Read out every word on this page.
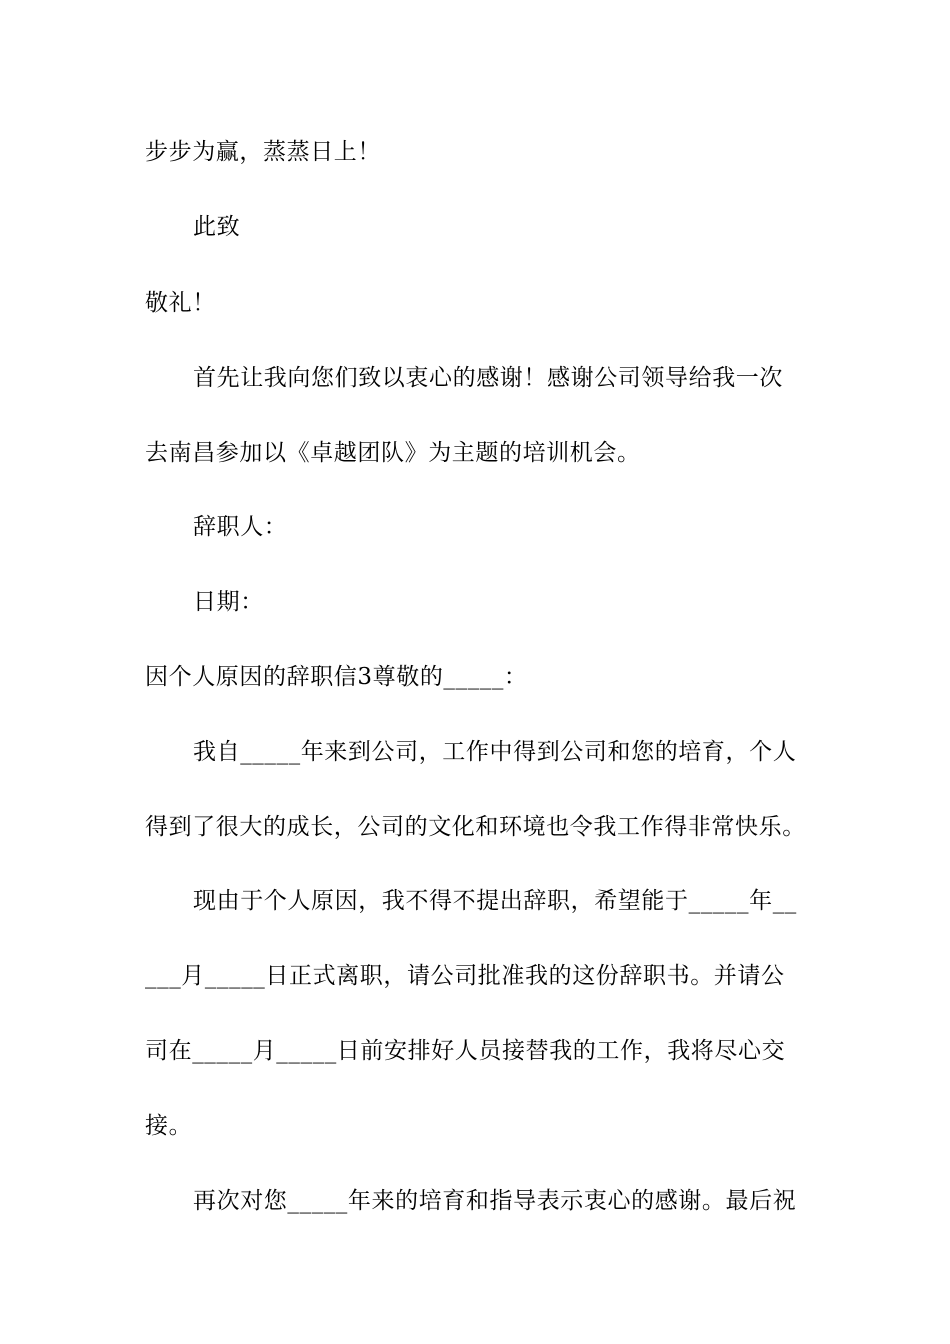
步步为赢，蒸蒸日上！
此致
敬礼！
首先让我向您们致以衷心的感谢！感谢公司领导给我一次
去南昌参加以《卓越团队》为主题的培训机会。
辞职人：
日期：
因个人原因的辞职信3尊敬的_____：
我自_____年来到公司，工作中得到公司和您的培育，个人
得到了很大的成长，公司的文化和环境也令我工作得非常快乐。
现由于个人原因，我不得不提出辞职，希望能于_____年__
___月_____日正式离职，请公司批准我的这份辞职书。并请公
司在_____月_____日前安排好人员接替我的工作，我将尽心交
接。
再次对您_____年来的培育和指导表示衷心的感谢。最后祝
